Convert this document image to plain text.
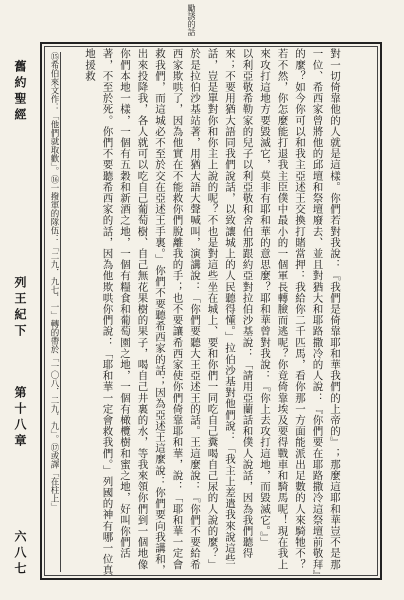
勵誘的話
舊約聖經
列王紀下
第十八章
六八七
⑮希伯來文作：「他們就取歡」。⑯一撥軍的隊伍：「二九．九七．一」轉的帶於「一〇八．二九．九」。⑰或譯「在柱上」

	對一切倚靠他的人就是這樣。你們若對我說：『我們是倚靠耶和華我們的上帝的』；那麼這耶和華豈不是那一位、希西家曾將他的邱壇和祭壇廢去、並且對猶大和耶路撒冷的人說：『你們要在耶路撒冷這祭壇前敬拜』的麼？如今你可以和我主亞述王交換打賭當押：我給你二千匹馬，看你那一方面能派出足數的人來騎牠不？若不然，你怎麼能打退我主臣僕中最小的一個軍長轉臉而逃呢？你竟倚靠埃及要得戰車和騎馬呢！現在我上來攻打這地方要毀滅它，莫非有耶和華的意思麼？耶和華曾對我說：『你上去攻打這地，而毀滅它。』」
以利亞敬希勒家的兒子以利亞敬和舍伯那跟約亞對拉伯沙基說：「請用亞蘭話和僕人說話，因為我們聽得來；不要用猶大語同我們說話，以致讓城上的人民聽得懂。」拉伯沙基對他們說：「我主上差遣我來說這些話，豈是單對你和你主上說的呢？不也是對這些坐在城上、要和你們一同吃自己糞喝自己尿的人說的麼？」
於是拉伯沙基站著，用猶大語大聲喊叫，演講說：「你們要聽大王亞述王的話。王這麼說：『你們不要給希西家欺哄了，因為他實在不能救你們脫離我的手；也不要讓希西家使你們倚靠耶和華，說：「耶和華一定會救我們，而這城必不至於交在亞述王手裏。」你們不要聽希西家的話；因為亞述王這麼說：你們要向我講和，出來投降我，各人就可以吃自己葡萄樹、自己無花果樹的果子，喝自己井裏的水，等我來領你們到一個地像你們本地一樣，一個有五穀和新酒之地，一個有糧食和葡萄園之地，一個有橄欖樹和蜜之地，好叫你們活著，不至於死。你們不要聽希西家的話，因為他欺哄你們說：「耶和華一定會救我們。」列國的神有哪一位真地援救
